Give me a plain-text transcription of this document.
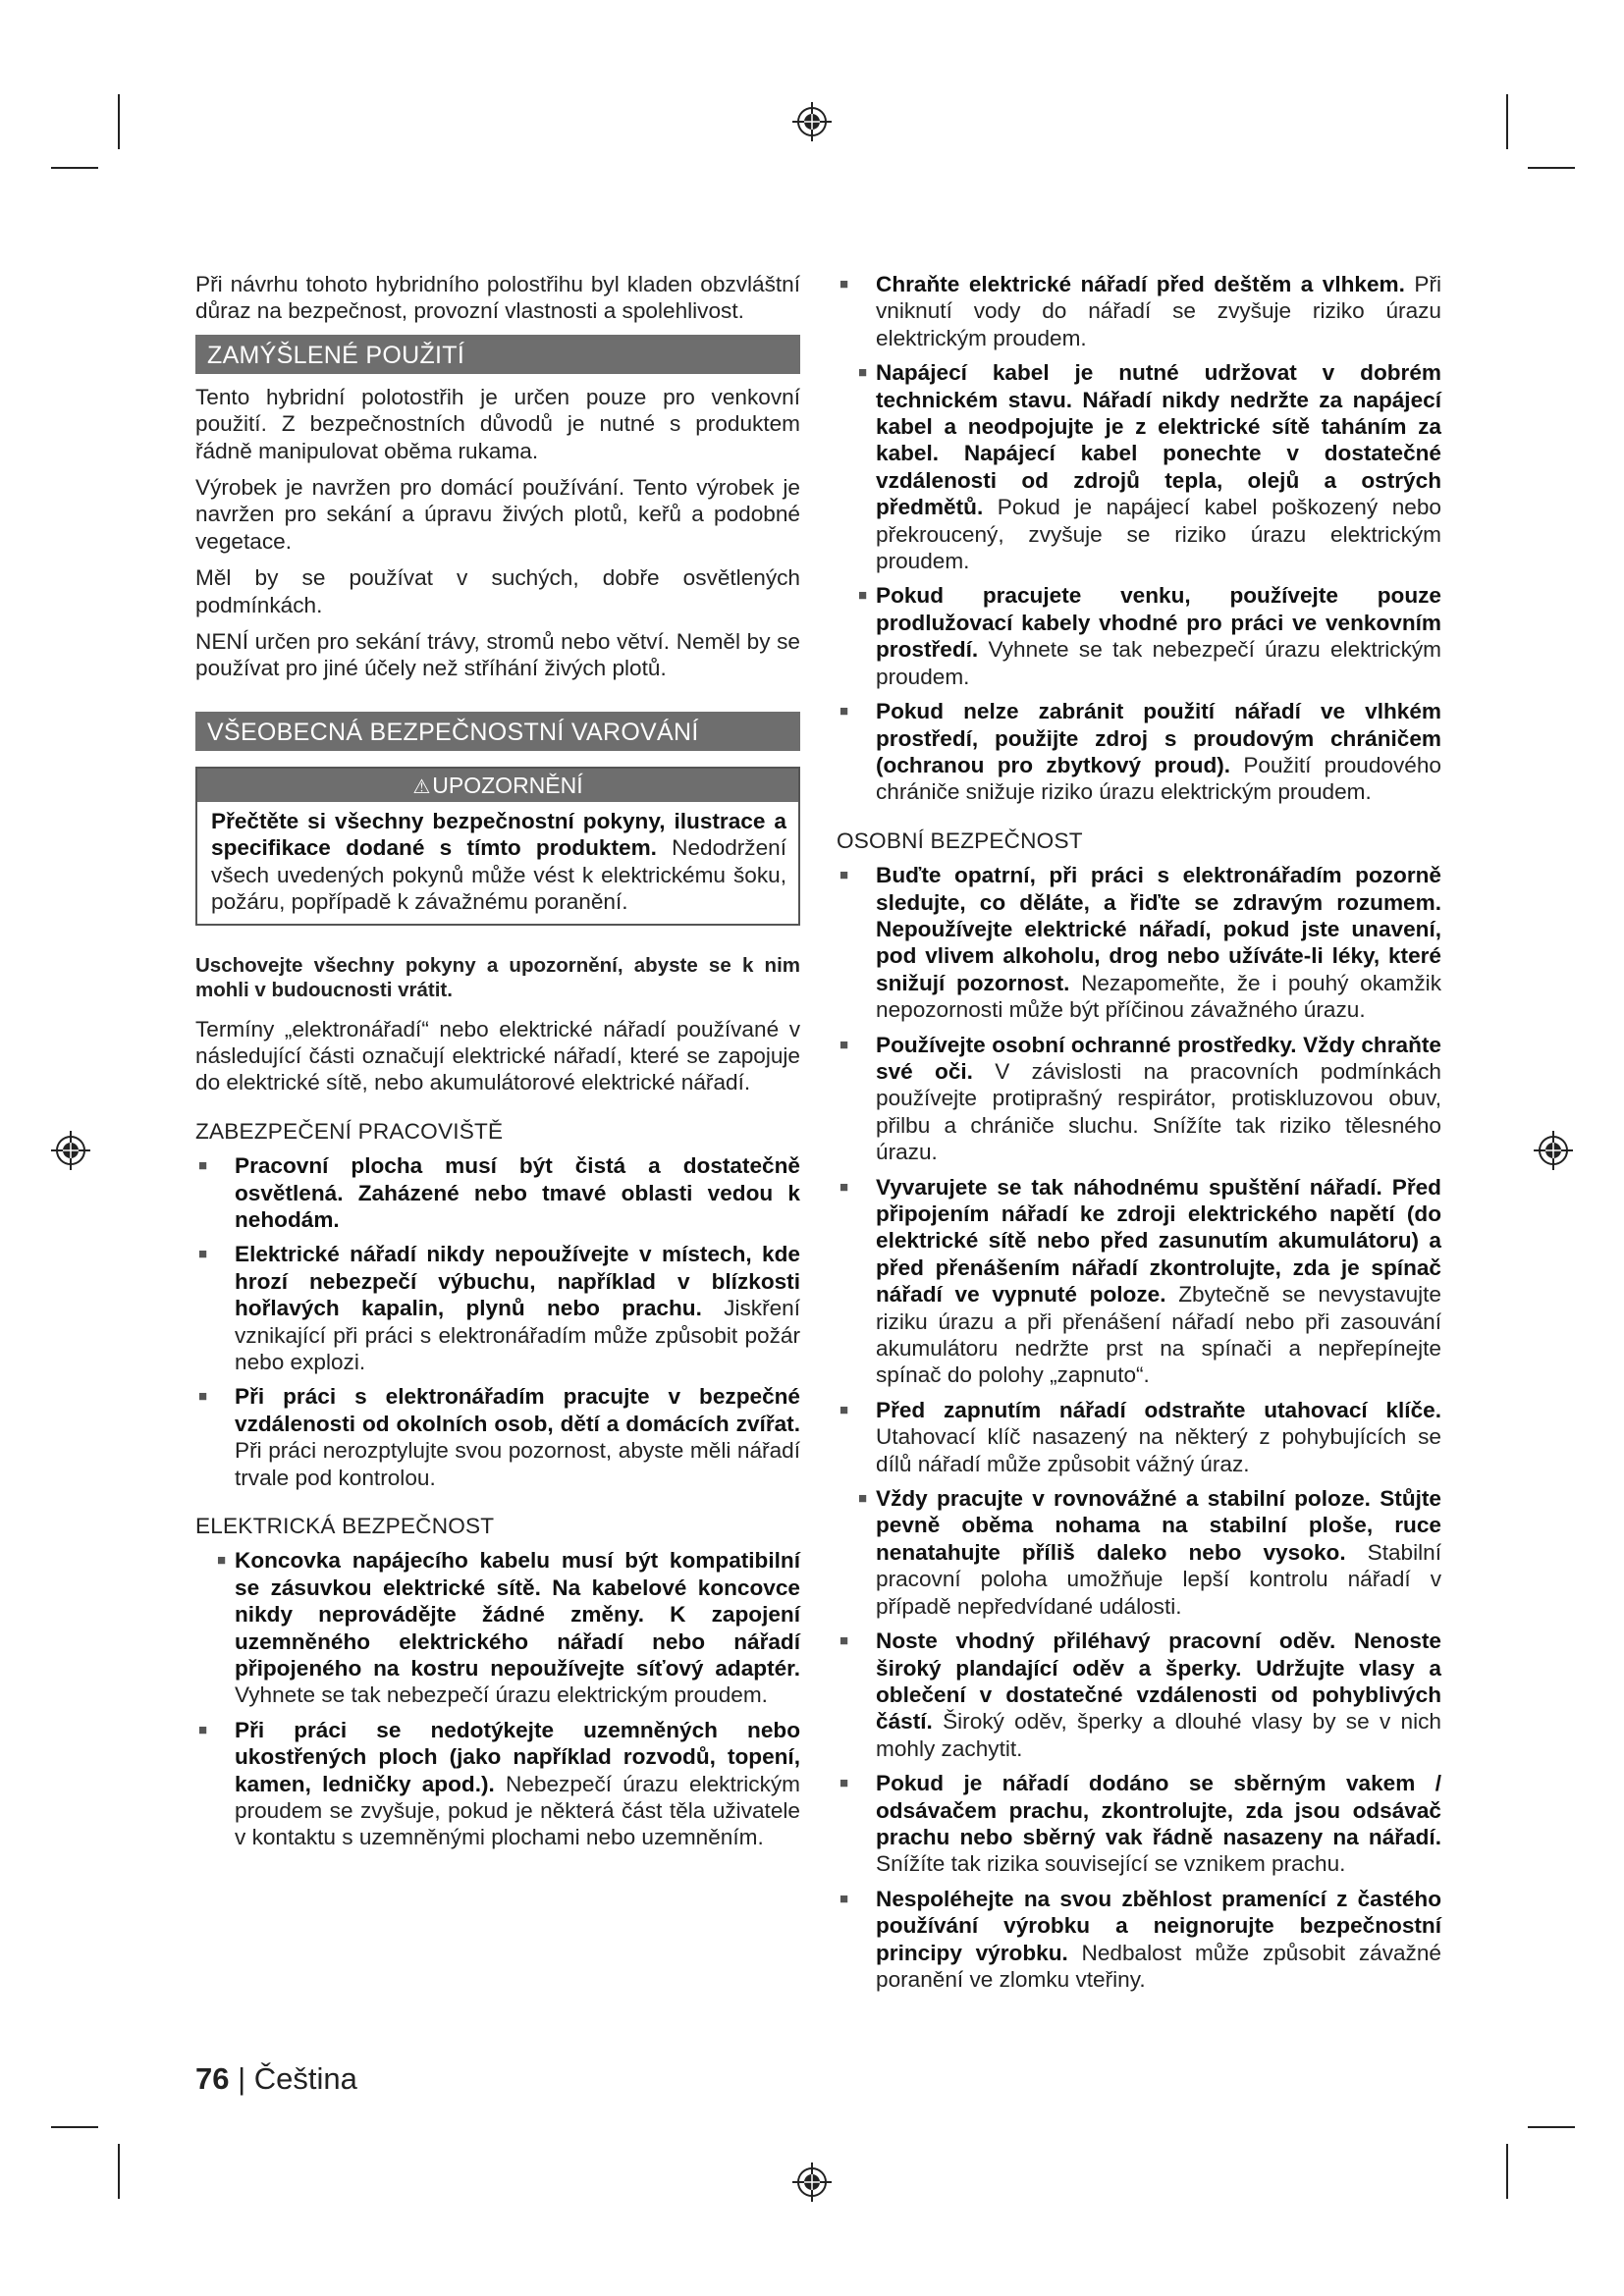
Při návrhu tohoto hybridního polostřihu byl kladen obzvláštní důraz na bezpečnost, provozní vlastnosti a spolehlivost.

ZAMÝŠLENÉ POUŽITÍ

Tento hybridní polotostřih je určen pouze pro venkovní použití. Z bezpečnostních důvodů je nutné s produktem řádně manipulovat oběma rukama.

Výrobek je navržen pro domácí používání. Tento výrobek je navržen pro sekání a úpravu živých plotů, keřů a podobné vegetace.

Měl by se používat v suchých, dobře osvětlených podmínkách.

NENÍ určen pro sekání trávy, stromů nebo větví. Neměl by se používat pro jiné účely než stříhání živých plotů.

VŠEOBECNÁ BEZPEČNOSTNÍ VAROVÁNÍ
⚠UPOZORNĚNÍ
Přečtěte si všechny bezpečnostní pokyny, ilustrace a specifikace dodané s tímto produktem. Nedodržení všech uvedených pokynů může vést k elektrickému šoku, požáru, popřípadě k závažnému poranění.

Uschovejte všechny pokyny a upozornění, abyste se k nim mohli v budoucnosti vrátit.

Termíny „elektronářadí“ nebo elektrické nářadí používané v následující části označují elektrické nářadí, které se zapojuje do elektrické sítě, nebo akumulátorové elektrické nářadí.

ZABEZPEČENÍ PRACOVIŠTĚ
■ Pracovní plocha musí být čistá a dostatečně osvětlená. Zaházené nebo tmavé oblasti vedou k nehodám.
■ Elektrické nářadí nikdy nepoužívejte v místech, kde hrozí nebezpečí výbuchu, například v blízkosti hořlavých kapalin, plynů nebo prachu. Jiskření vznikající při práci s elektronářadím může způsobit požár nebo explozi.
■ Při práci s elektronářadím pracujte v bezpečné vzdálenosti od okolních osob, dětí a domácích zvířat. Při práci nerozptylujte svou pozornost, abyste měli nářadí trvale pod kontrolou.
ELEKTRICKÁ BEZPEČNOST
■ Koncovka napájecího kabelu musí být kompatibilní se zásuvkou elektrické sítě. Na kabelové koncovce nikdy neprovádějte žádné změny. K zapojení uzemněného elektrického nářadí nebo nářadí připojeného na kostru nepoužívejte síťový adaptér. Vyhnete se tak nebezpečí úrazu elektrickým proudem.
■ Při práci se nedotýkejte uzemněných nebo ukostřených ploch (jako například rozvodů, topení, kamen, ledničky apod.). Nebezpečí úrazu elektrickým proudem se zvyšuje, pokud je některá část těla uživatele v kontaktu s uzemněnými plochami nebo uzemněním.
■ Chraňte elektrické nářadí před deštěm a vlhkem. Při vniknutí vody do nářadí se zvyšuje riziko úrazu elektrickým proudem.
■ Napájecí kabel je nutné udržovat v dobrém technickém stavu. Nářadí nikdy nedržte za napájecí kabel a neodpojujte je z elektrické sítě taháním za kabel. Napájecí kabel ponechte v dostatečné vzdálenosti od zdrojů tepla, olejů a ostrých předmětů. Pokud je napájecí kabel poškozený nebo překroucený, zvyšuje se riziko úrazu elektrickým proudem.
■ Pokud pracujete venku, používejte pouze prodlužovací kabely vhodné pro práci ve venkovním prostředí. Vyhnete se tak nebezpečí úrazu elektrickým proudem.
■ Pokud nelze zabránit použití nářadí ve vlhkém prostředí, použijte zdroj s proudovým chráničem (ochranou pro zbytkový proud). Použití proudového chrániče snižuje riziko úrazu elektrickým proudem.
OSOBNÍ BEZPEČNOST
■ Buďte opatrní, při práci s elektronářadím pozorně sledujte, co děláte, a řiďte se zdravým rozumem. Nepoužívejte elektrické nářadí, pokud jste unavení, pod vlivem alkoholu, drog nebo užíváte-li léky, které snižují pozornost. Nezapomeňte, že i pouhý okamžik nepozornosti může být příčinou závažného úrazu.
■ Používejte osobní ochranné prostředky. Vždy chraňte své oči. V závislosti na pracovních podmínkách používejte protiprašný respirátor, protiskluzovou obuv, přilbu a chrániče sluchu. Snížíte tak riziko tělesného úrazu.
■ Vyvarujete se tak náhodnému spuštění nářadí. Před připojením nářadí ke zdroji elektrického napětí (do elektrické sítě nebo před zasunutím akumulátoru) a před přenášením nářadí zkontrolujte, zda je spínač nářadí ve vypnuté poloze. Zbytečně se nevystavujte riziku úrazu a při přenášení nářadí nebo při zasouvání akumulátoru nedržte prst na spínači a nepřepínejte spínač do polohy „zapnuto“.
■ Před zapnutím nářadí odstraňte utahovací klíče. Utahovací klíč nasazený na některý z pohybujících se dílů nářadí může způsobit vážný úraz.
■ Vždy pracujte v rovnovážné a stabilní poloze. Stůjte pevně oběma nohama na stabilní ploše, ruce nenatahujte příliš daleko nebo vysoko. Stabilní pracovní poloha umožňuje lepší kontrolu nářadí v případě nepředvídané události.
■ Noste vhodný přiléhavý pracovní oděv. Nenoste široký plandající oděv a šperky. Udržujte vlasy a oblečení v dostatečné vzdálenosti od pohyblivých částí. Široký oděv, šperky a dlouhé vlasy by se v nich mohly zachytit.
■ Pokud je nářadí dodáno se sběrným vakem / odsávačem prachu, zkontrolujte, zda jsou odsávač prachu nebo sběrný vak řádně nasazeny na nářadí. Snížíte tak rizika související se vznikem prachu.
■ Nespoléhejte na svou zběhlost pramenící z častého používání výrobku a neignorujte bezpečnostní principy výrobku. Nedbalost může způsobit závažné poranění ve zlomku vteřiny.
76 | Čeština
